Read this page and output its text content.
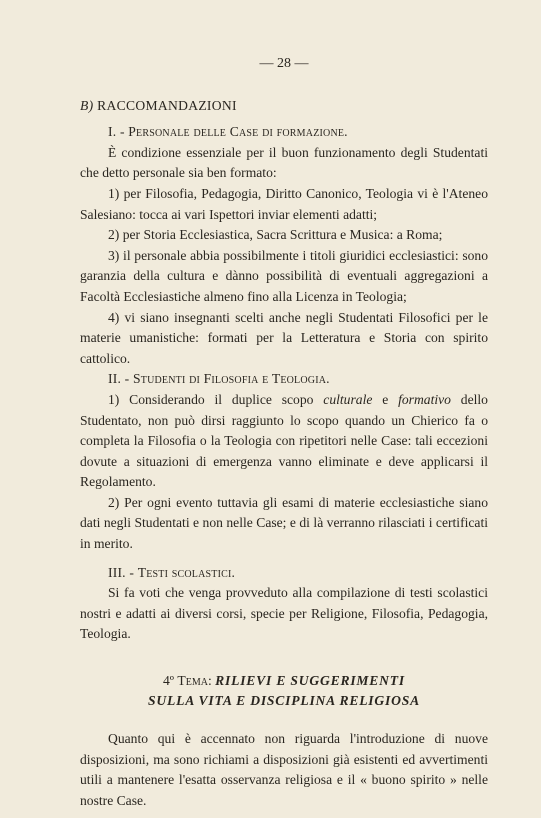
— 28 —

B) RACCOMANDAZIONI

I. - Personale delle Case di formazione.

È condizione essenziale per il buon funzionamento degli Studentati che detto personale sia ben formato:

1) per Filosofia, Pedagogia, Diritto Canonico, Teologia vi è l'Ateneo Salesiano: tocca ai vari Ispettori inviar elementi adatti;

2) per Storia Ecclesiastica, Sacra Scrittura e Musica: a Roma;

3) il personale abbia possibilmente i titoli giuridici ecclesiastici: sono garanzia della cultura e dànno possibilità di eventuali aggregazioni a Facoltà Ecclesiastiche almeno fino alla Licenza in Teologia;

4) vi siano insegnanti scelti anche negli Studentati Filosofici per le materie umanistiche: formati per la Letteratura e Storia con spirito cattolico.

II. - Studenti di Filosofia e Teologia.

1) Considerando il duplice scopo culturale e formativo dello Studentato, non può dirsi raggiunto lo scopo quando un Chierico fa o completa la Filosofia o la Teologia con ripetitori nelle Case: tali eccezioni dovute a situazioni di emergenza vanno eliminate e deve applicarsi il Regolamento.

2) Per ogni evento tuttavia gli esami di materie ecclesiastiche siano dati negli Studentati e non nelle Case; e di là verranno rilasciati i certificati in merito.

III. - Testi scolastici.

Si fa voti che venga provveduto alla compilazione di testi scolastici nostri e adatti ai diversi corsi, specie per Religione, Filosofia, Pedagogia, Teologia.

4º Tema: RILIEVI E SUGGERIMENTI
SULLA VITA E DISCIPLINA RELIGIOSA

Quanto qui è accennato non riguarda l'introduzione di nuove disposizioni, ma sono richiami a disposizioni già esistenti ed avvertimenti utili a mantenere l'esatta osservanza religiosa e il « buono spirito » nelle nostre Case.
